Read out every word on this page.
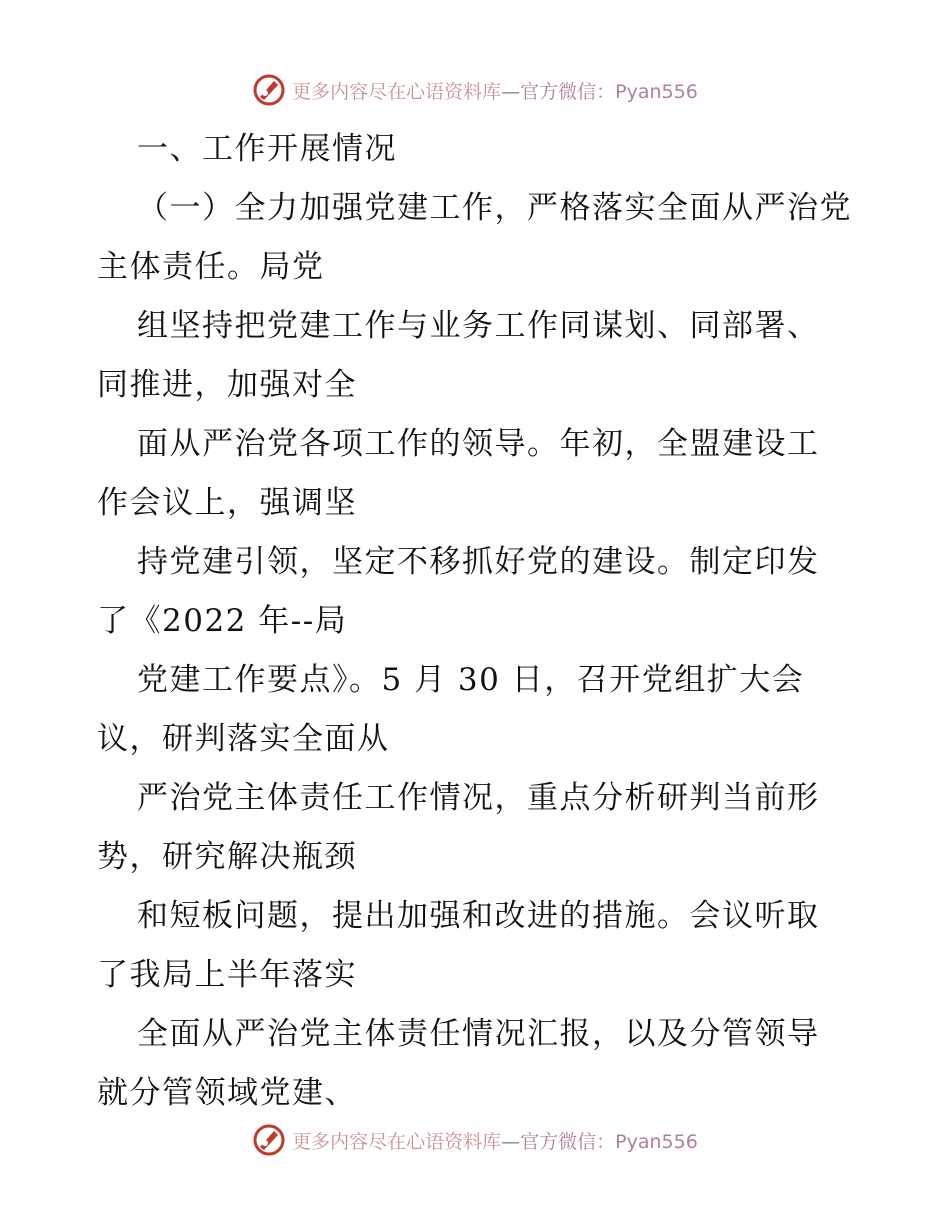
更多内容尽在心语资料库—官方微信：Pyan556
一、工作开展情况
（一）全力加强党建工作，严格落实全面从严治党
主体责任。局党
组坚持把党建工作与业务工作同谋划、同部署、
同推进，加强对全
面从严治党各项工作的领导。年初，全盟建设工
作会议上，强调坚
持党建引领，坚定不移抓好党的建设。制定印发
了《2022 年--局
党建工作要点》。5 月 30 日，召开党组扩大会
议，研判落实全面从
严治党主体责任工作情况，重点分析研判当前形
势，研究解决瓶颈
和短板问题，提出加强和改进的措施。会议听取
了我局上半年落实
全面从严治党主体责任情况汇报，以及分管领导
就分管领域党建、
更多内容尽在心语资料库—官方微信：Pyan556
